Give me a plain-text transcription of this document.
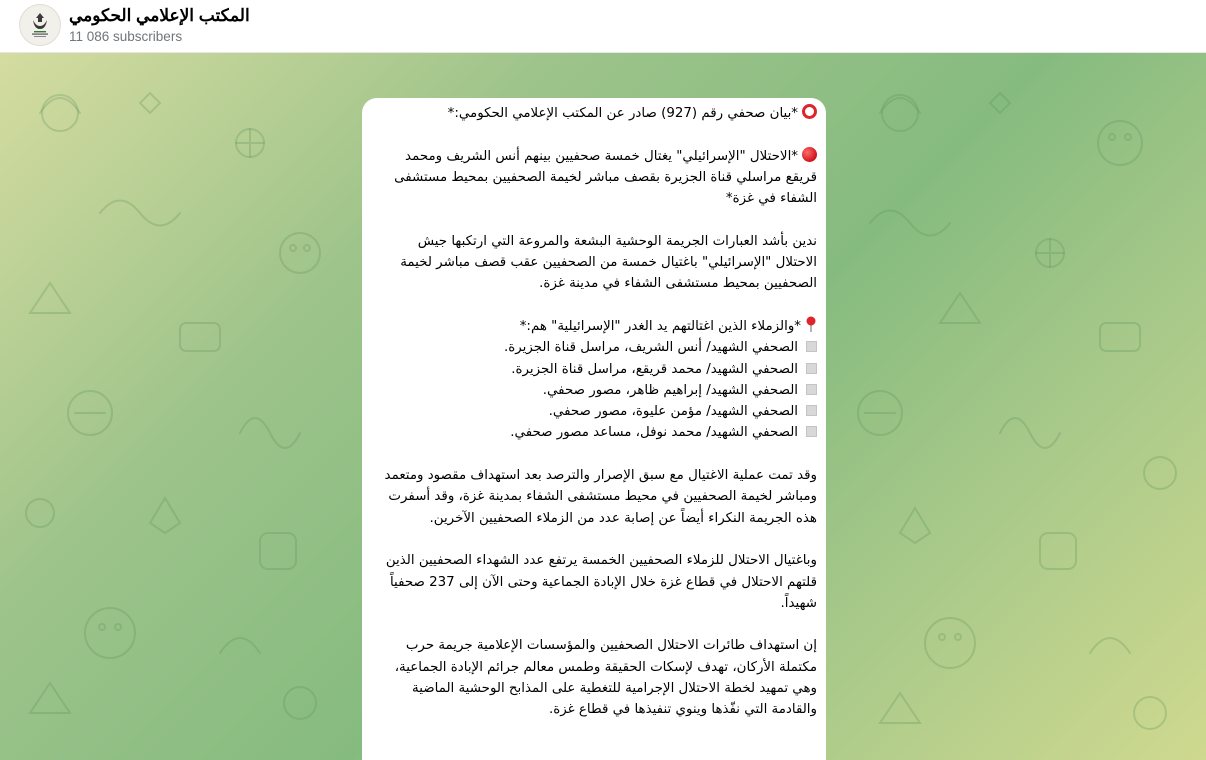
المكتب الإعلامي الحكومي
11 086 subscribers
*بيان صحفي رقم (927) صادر عن المكتب الإعلامي الحكومي:*
*الاحتلال "الإسرائيلي" يغتال خمسة صحفيين بينهم أنس الشريف ومحمد قريقع مراسلي قناة الجزيرة بقصف مباشر لخيمة الصحفيين بمحيط مستشفى الشفاء في غزة*
ندين بأشد العبارات الجريمة الوحشية البشعة والمروعة التي ارتكبها جيش الاحتلال "الإسرائيلي" باغتيال خمسة من الصحفيين عقب قصف مباشر لخيمة الصحفيين بمحيط مستشفى الشفاء في مدينة غزة.
*والزملاء الذين اغتالتهم يد الغدر "الإسرائيلية" هم:*
الصحفي الشهيد/ أنس الشريف، مراسل قناة الجزيرة.
الصحفي الشهيد/ محمد قريقع، مراسل قناة الجزيرة.
الصحفي الشهيد/ إبراهيم ظاهر، مصور صحفي.
الصحفي الشهيد/ مؤمن عليوة، مصور صحفي.
الصحفي الشهيد/ محمد نوفل، مساعد مصور صحفي.
وقد تمت عملية الاغتيال مع سبق الإصرار والترصد بعد استهداف مقصود ومتعمد ومباشر لخيمة الصحفيين في محيط مستشفى الشفاء بمدينة غزة، وقد أسفرت هذه الجريمة النكراء أيضاً عن إصابة عدد من الزملاء الصحفيين الآخرين.
وباغتيال الاحتلال للزملاء الصحفيين الخمسة يرتفع عدد الشهداء الصحفيين الذين قلتهم الاحتلال في قطاع غزة خلال الإبادة الجماعية وحتى الآن إلى 237 صحفياً شهيداً.
إن استهداف طائرات الاحتلال الصحفيين والمؤسسات الإعلامية جريمة حرب مكتملة الأركان، تهدف لإسكات الحقيقة وطمس معالم جرائم الإبادة الجماعية، وهي تمهيد لخطة الاحتلال الإجرامية للتغطية على المذابح الوحشية الماضية والقادمة التي نفّذها وينوي تنفيذها في قطاع غزة.
